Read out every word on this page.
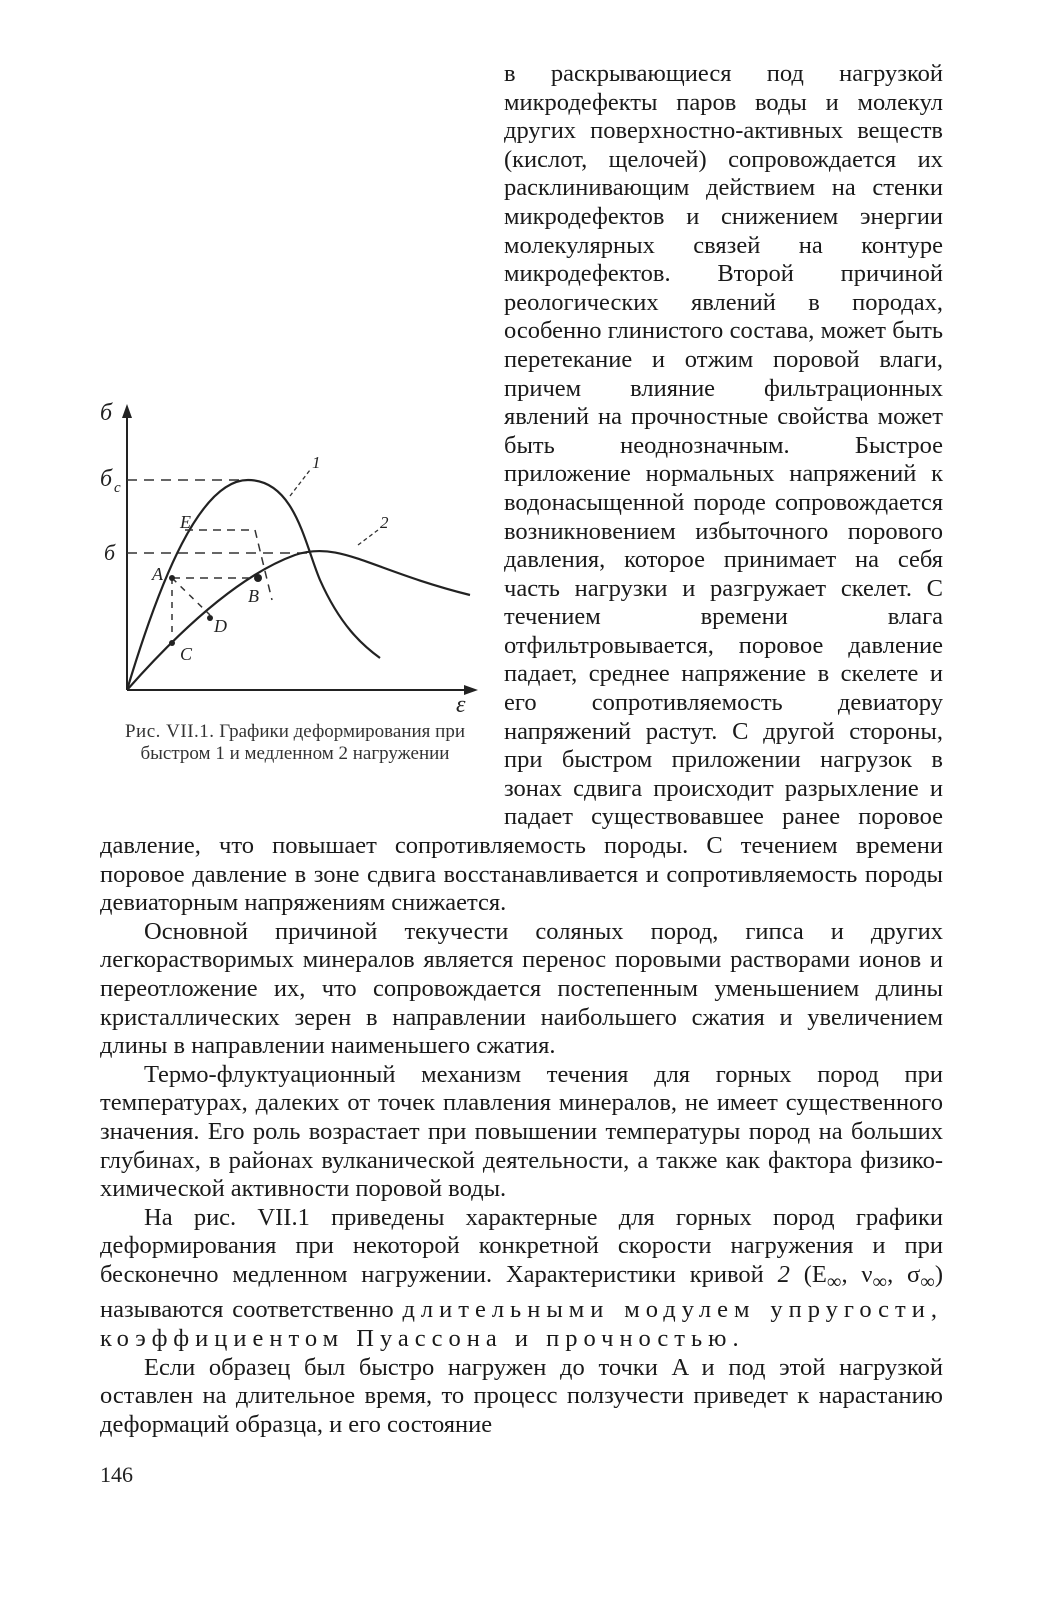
б
б c
б
ε
1
2
A
B
C
D
E

Рис. VII.1. Графики деформирования при быстром 1 и медленном 2 нагружении

в раскрывающиеся под нагрузкой микродефекты паров воды и молекул других поверхностно-активных веществ (кислот, щелочей) сопровождается их расклинивающим действием на стенки микродефектов и снижением энергии молекулярных связей на контуре микродефектов. Второй причиной реологических явлений в породах, особенно глинистого состава, может быть перетекание и отжим поровой влаги, причем влияние фильтрационных явлений на прочностные свойства может быть неоднозначным. Быстрое приложение нормальных напряжений к водонасыщенной породе сопровождается возникновением избыточного порового давления, которое принимает на себя часть нагрузки и разгружает скелет. С течением времени влага отфильтровывается, поровое давление падает, среднее напряжение в скелете и его сопротивляемость девиатору напряжений растут. С другой стороны, при быстром приложении нагрузок в зонах сдвига происходит разрыхление и падает существовавшее ранее поровое давление, что повышает сопротивляемость породы. С течением времени поровое давление в зоне сдвига восстанавливается и сопротивляемость породы девиаторным напряжениям снижается.

Основной причиной текучести соляных пород, гипса и других легкорастворимых минералов является перенос поровыми растворами ионов и переотложение их, что сопровождается постепенным уменьшением длины кристаллических зерен в направлении наибольшего сжатия и увеличением длины в направлении наименьшего сжатия.

Термо-флуктуационный механизм течения для горных пород при температурах, далеких от точек плавления минералов, не имеет существенного значения. Его роль возрастает при повышении температуры пород на больших глубинах, в районах вулканической деятельности, а также как фактора физико-химической активности поровой воды.

На рис. VII.1 приведены характерные для горных пород графики деформирования при некоторой конкретной скорости нагружения и при бесконечно медленном нагружении. Характеристики кривой 2 ($E_\infty$, $\nu_\infty$, $\sigma_\infty$) называются соответственно длительными модулем упругости, коэффициентом Пуассона и прочностью.

Если образец был быстро нагружен до точки A и под этой нагрузкой оставлен на длительное время, то процесс ползучести приведет к нарастанию деформаций образца, и его состояние

146
